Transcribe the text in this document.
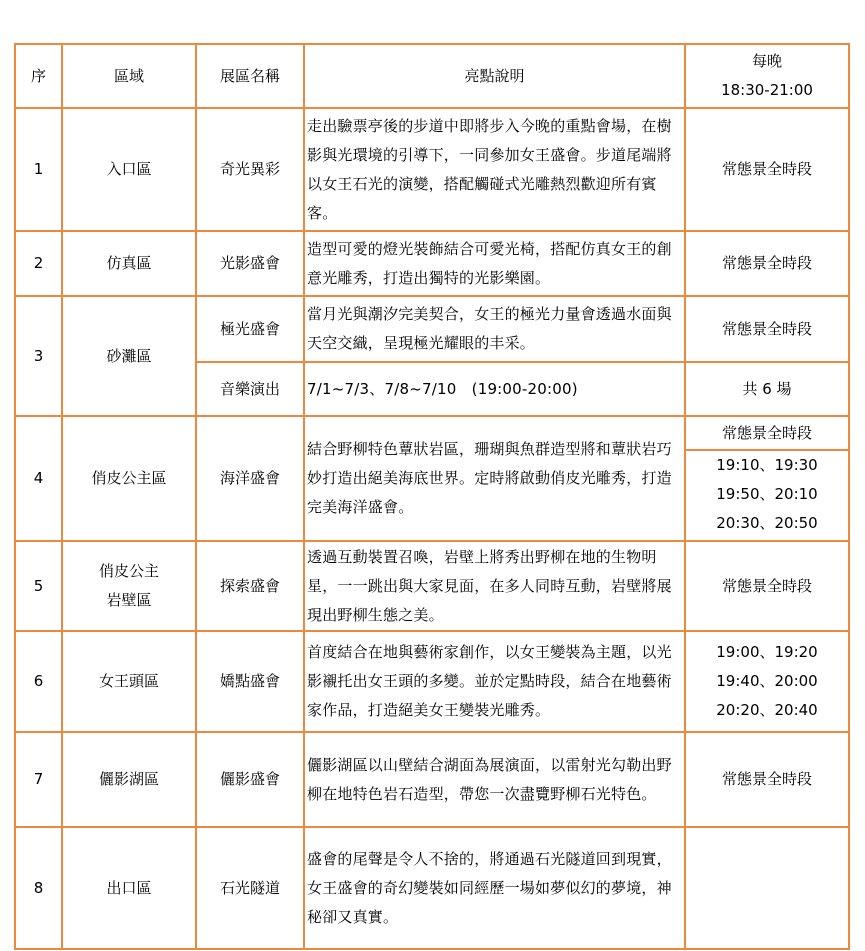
序	區域	展區名稱	亮點說明	每晚
18:30-21:00

1	入口區	奇光異彩	走出驗票亭後的步道中即將步入今晚的重點會場，在樹影與光環境的引導下，一同參加女王盛會。步道尾端將以女王石光的演變，搭配觸碰式光雕熱烈歡迎所有賓客。	常態景全時段
2	仿真區	光影盛會	造型可愛的燈光裝飾結合可愛光椅，搭配仿真女王的創意光雕秀，打造出獨特的光影樂園。	常態景全時段
3	砂灘區	極光盛會	當月光與潮汐完美契合，女王的極光力量會透過水面與天空交織，呈現極光耀眼的丰采。	常態景全時段
		音樂演出	7/1~7/3、7/8~7/10　(19:00-20:00)	共 6 場
4	俏皮公主區	海洋盛會	結合野柳特色蕈狀岩區，珊瑚與魚群造型將和蕈狀岩巧妙打造出絕美海底世界。定時將啟動俏皮光雕秀，打造完美海洋盛會。	常態景全時段
19:10、19:30
19:50、20:10
20:30、20:50

5	俏皮公主
岩壁區	探索盛會	透過互動裝置召喚，岩壁上將秀出野柳在地的生物明星，一一跳出與大家見面，在多人同時互動，岩壁將展現出野柳生態之美。	常態景全時段
6	女王頭區	嬌點盛會	首度結合在地與藝術家創作，以女王變裝為主題，以光影襯托出女王頭的多變。並於定點時段，結合在地藝術家作品，打造絕美女王變裝光雕秀。	19:00、19:20
19:40、20:00
20:20、20:40

7	儷影湖區	儷影盛會	儷影湖區以山壁結合湖面為展演面，以雷射光勾勒出野柳在地特色岩石造型，帶您一次盡覽野柳石光特色。	常態景全時段
8	出口區	石光隧道	盛會的尾聲是令人不捨的，將通過石光隧道回到現實，女王盛會的奇幻變裝如同經歷一場如夢似幻的夢境，神秘卻又真實。	
